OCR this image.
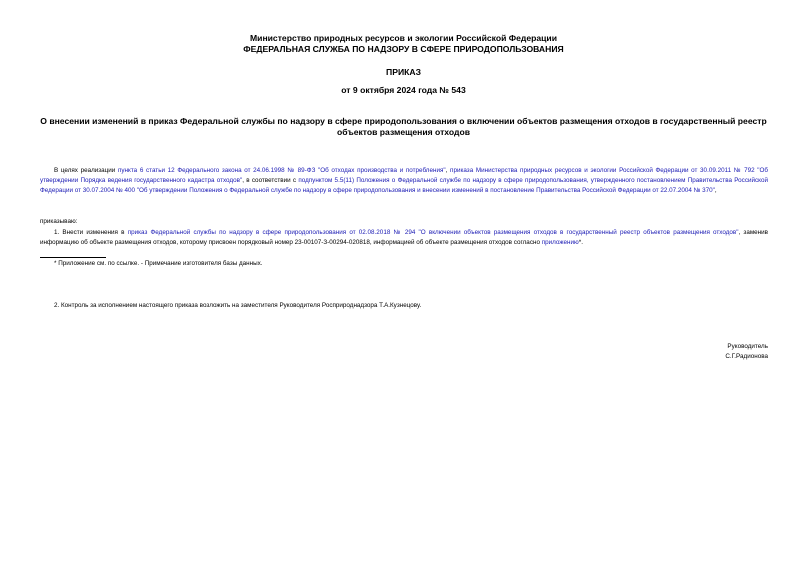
Министерство природных ресурсов и экологии Российской Федерации
ФЕДЕРАЛЬНАЯ СЛУЖБА ПО НАДЗОРУ В СФЕРЕ ПРИРОДОПОЛЬЗОВАНИЯ
ПРИКАЗ
от 9 октября 2024 года № 543
О внесении изменений в приказ Федеральной службы по надзору в сфере природопользования о включении объектов размещения отходов в государственный реестр объектов размещения отходов
В целях реализации пункта 6 статьи 12 Федерального закона от 24.06.1998 № 89-ФЗ "Об отходах производства и потребления", приказа Министерства природных ресурсов и экологии Российской Федерации от 30.09.2011 № 792 "Об утверждении Порядка ведения государственного кадастра отходов", в соответствии с подпунктом 5.5(11) Положения о Федеральной службе по надзору в сфере природопользования, утвержденного постановлением Правительства Российской Федерации от 30.07.2004 № 400 "Об утверждении Положения о Федеральной службе по надзору в сфере природопользования и внесении изменений в постановление Правительства Российской Федерации от 22.07.2004 № 370",
приказываю:
1. Внести изменения в приказ Федеральной службы по надзору в сфере природопользования от 02.08.2018 № 294 "О включении объектов размещения отходов в государственный реестр объектов размещения отходов", заменив информацию об объекте размещения отходов, которому присвоен порядковый номер 23-00107-З-00294-020818, информацией об объекте размещения отходов согласно приложению*.
* Приложение см. по ссылке. - Примечание изготовителя базы данных.
2. Контроль за исполнением настоящего приказа возложить на заместителя Руководителя Росприроднадзора Т.А.Кузнецову.
Руководитель
С.Г.Радионова
